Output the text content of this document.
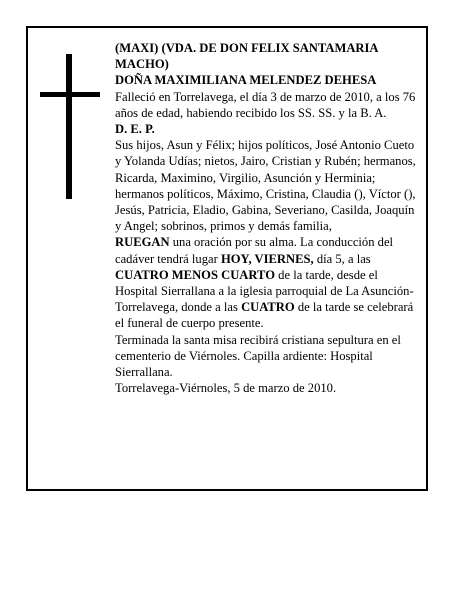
(MAXI) (VDA. DE DON FELIX SANTAMARIA MACHO)

DOÑA MAXIMILIANA MELENDEZ DEHESA

Falleció en Torrelavega, el día 3 de marzo de 2010, a los 76 años de edad, habiendo recibido los SS. SS. y la B. A.

D. E. P.

Sus hijos, Asun y Félix; hijos políticos, José Antonio Cueto y Yolanda Udías; nietos, Jairo, Cristian y Rubén; hermanos, Ricarda, Maximino, Virgilio, Asunción y Herminia; hermanos políticos, Máximo, Cristina, Claudia (), Víctor (), Jesús, Patricia, Eladio, Gabina, Severiano, Casilda, Joaquín y Angel; sobrinos, primos y demás familia,

RUEGAN una oración por su alma. La conducción del cadáver tendrá lugar HOY, VIERNES, día 5, a las CUATRO MENOS CUARTO de la tarde, desde el Hospital Sierrallana a la iglesia parroquial de La Asunción-Torrelavega, donde a las CUATRO de la tarde se celebrará el funeral de cuerpo presente.

Terminada la santa misa recibirá cristiana sepultura en el cementerio de Viérnoles. Capilla ardiente: Hospital Sierrallana.

Torrelavega-Viérnoles, 5 de marzo de 2010.
